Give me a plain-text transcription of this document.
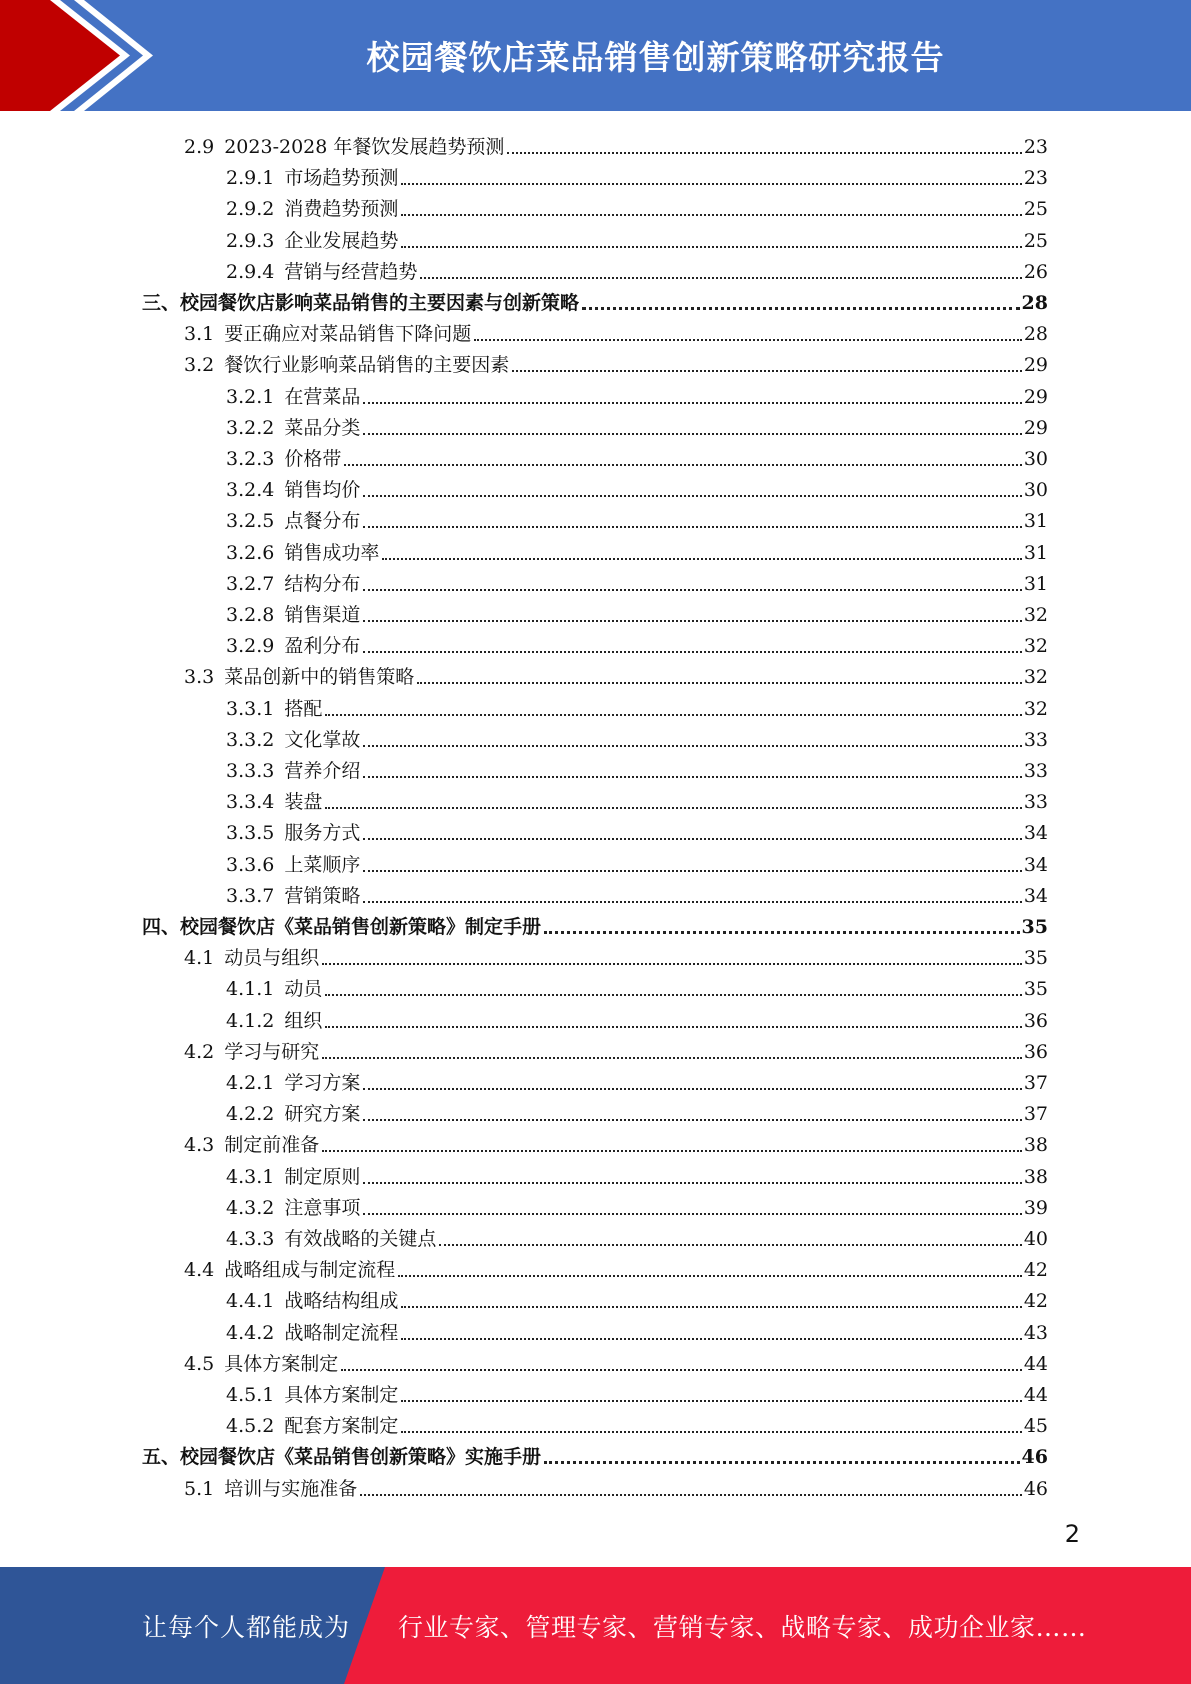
校园餐饮店菜品销售创新策略研究报告
2.9 2023-2028 年餐饮发展趋势预测	23
2.9.1 市场趋势预测	23
2.9.2 消费趋势预测	25
2.9.3 企业发展趋势	25
2.9.4 营销与经营趋势	26
三、 校园餐饮店影响菜品销售的主要因素与创新策略	28
3.1 要正确应对菜品销售下降问题	28
3.2 餐饮行业影响菜品销售的主要因素	29
3.2.1 在营菜品	29
3.2.2 菜品分类	29
3.2.3 价格带	30
3.2.4 销售均价	30
3.2.5 点餐分布	31
3.2.6 销售成功率	31
3.2.7 结构分布	31
3.2.8 销售渠道	32
3.2.9 盈利分布	32
3.3 菜品创新中的销售策略	32
3.3.1 搭配	32
3.3.2 文化掌故	33
3.3.3 营养介绍	33
3.3.4 装盘	33
3.3.5 服务方式	34
3.3.6 上菜顺序	34
3.3.7 营销策略	34
四、 校园餐饮店《菜品销售创新策略》制定手册	35
4.1 动员与组织	35
4.1.1 动员	35
4.1.2 组织	36
4.2 学习与研究	36
4.2.1 学习方案	37
4.2.2 研究方案	37
4.3 制定前准备	38
4.3.1 制定原则	38
4.3.2 注意事项	39
4.3.3 有效战略的关键点	40
4.4 战略组成与制定流程	42
4.4.1 战略结构组成	42
4.4.2 战略制定流程	43
4.5 具体方案制定	44
4.5.1 具体方案制定	44
4.5.2 配套方案制定	45
五、 校园餐饮店《菜品销售创新策略》实施手册	46
5.1 培训与实施准备	46
2
让每个人都能成为 行业专家、管理专家、营销专家、战略专家、成功企业家……
